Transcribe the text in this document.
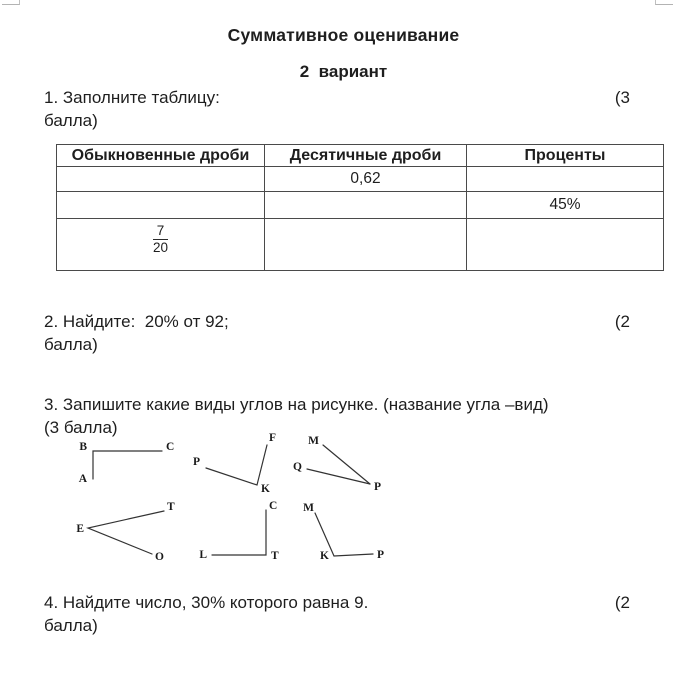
Суммативное оценивание
2  вариант
1. Заполните таблицу:	(3
балла)
Обыкновенные дроби	Десятичные дроби	Проценты
	0,62	
		45%

$\frac{7}{20}$

2. Найдите:  20% от 92;	(2
балла)
3. Запишите какие виды углов на рисунке. (название угла –вид)
(3 балла)
B	C
A
P
K
F	M
Q
P
E
T
O
C
L	T
M
K	P
4. Найдите число, 30% которого равна 9.	(2
балла)
